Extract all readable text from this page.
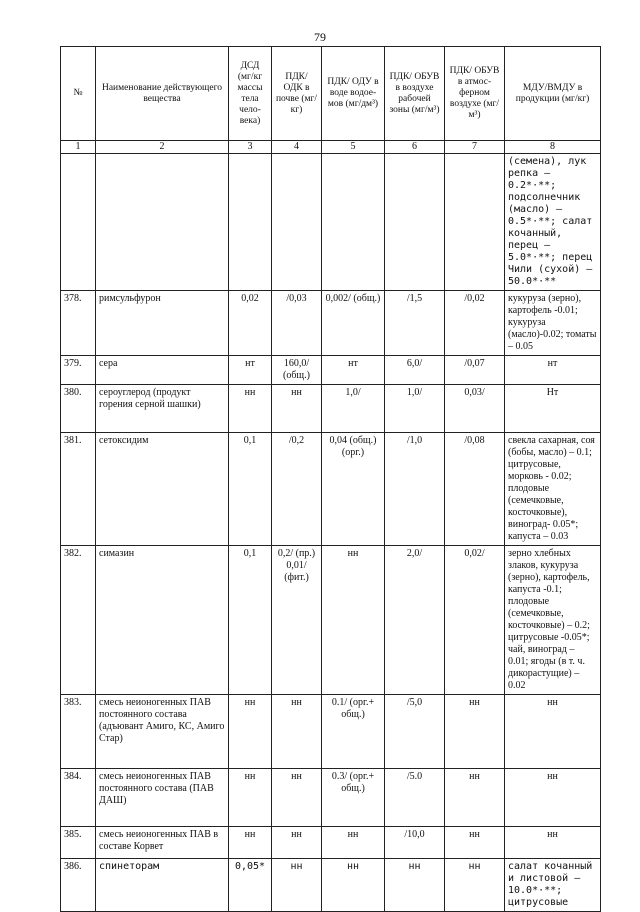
79
№	Наименование действующего вещества	ДСД (мг/кг массы тела чело-века)	ПДК/ ОДК в почве (мг/кг)	ПДК/ ОДУ в воде водое-мов (мг/дм³)	ПДК/ ОБУВ в воздухе рабочей зоны (мг/м³)	ПДК/ ОБУВ в атмос-ферном воздухе (мг/м³)	МДУ/ВМДУ в продукции (мг/кг)
1	2	3	4	5	6	7	8
							(семена), лук репка – 0.2*·**; подсолнечник (масло) – 0.5*·**; салат кочанный, перец – 5.0*·**; перец Чили (сухой) – 50.0*·**
378.	римсульфурон	0,02	/0,03	0,002/ (общ.)	/1,5	/0,02	кукуруза (зерно), картофель -0.01; кукуруза (масло)-0.02; томаты – 0.05
379.	сера	нт	160,0/ (общ.)	нт	6,0/	/0,07	нт
380.	сероуглерод (продукт горения серной шашки)	нн	нн	1,0/	1,0/	0,03/	Нт
381.	сетоксидим	0,1	/0,2	0,04 (общ.) (орг.)	/1,0	/0,08	свекла сахарная, соя (бобы, масло) – 0.1; цитрусовые, морковь - 0.02; плодовые (семечковые, косточковые), виноград- 0.05*; капуста – 0.03
382.	симазин	0,1	0,2/ (пр.) 0,01/ (фит.)	нн	2,0/	0,02/	зерно хлебных злаков, кукуруза (зерно), картофель, капуста -0.1; плодовые (семечковые, косточковые) – 0.2; цитрусовые -0.05*; чай, виноград – 0.01; ягоды (в т. ч. дикорастущие) – 0.02
383.	смесь неионогенных ПАВ постоянного состава (адъювант Амиго, КС, Амиго Стар)	нн	нн	0.1/ (орг.+ общ.)	/5,0	нн	нн
384.	смесь неионогенных ПАВ постоянного состава (ПАВ ДАШ)	нн	нн	0.3/ (орг.+ общ.)	/5.0	нн	нн
385.	смесь неионогенных ПАВ в составе Корвет	нн	нн	нн	/10,0	нн	нн
386.	спинеторам	0,05*	нн	нн	нн	нн	салат кочанный и листовой – 10.0*·**; цитрусовые
